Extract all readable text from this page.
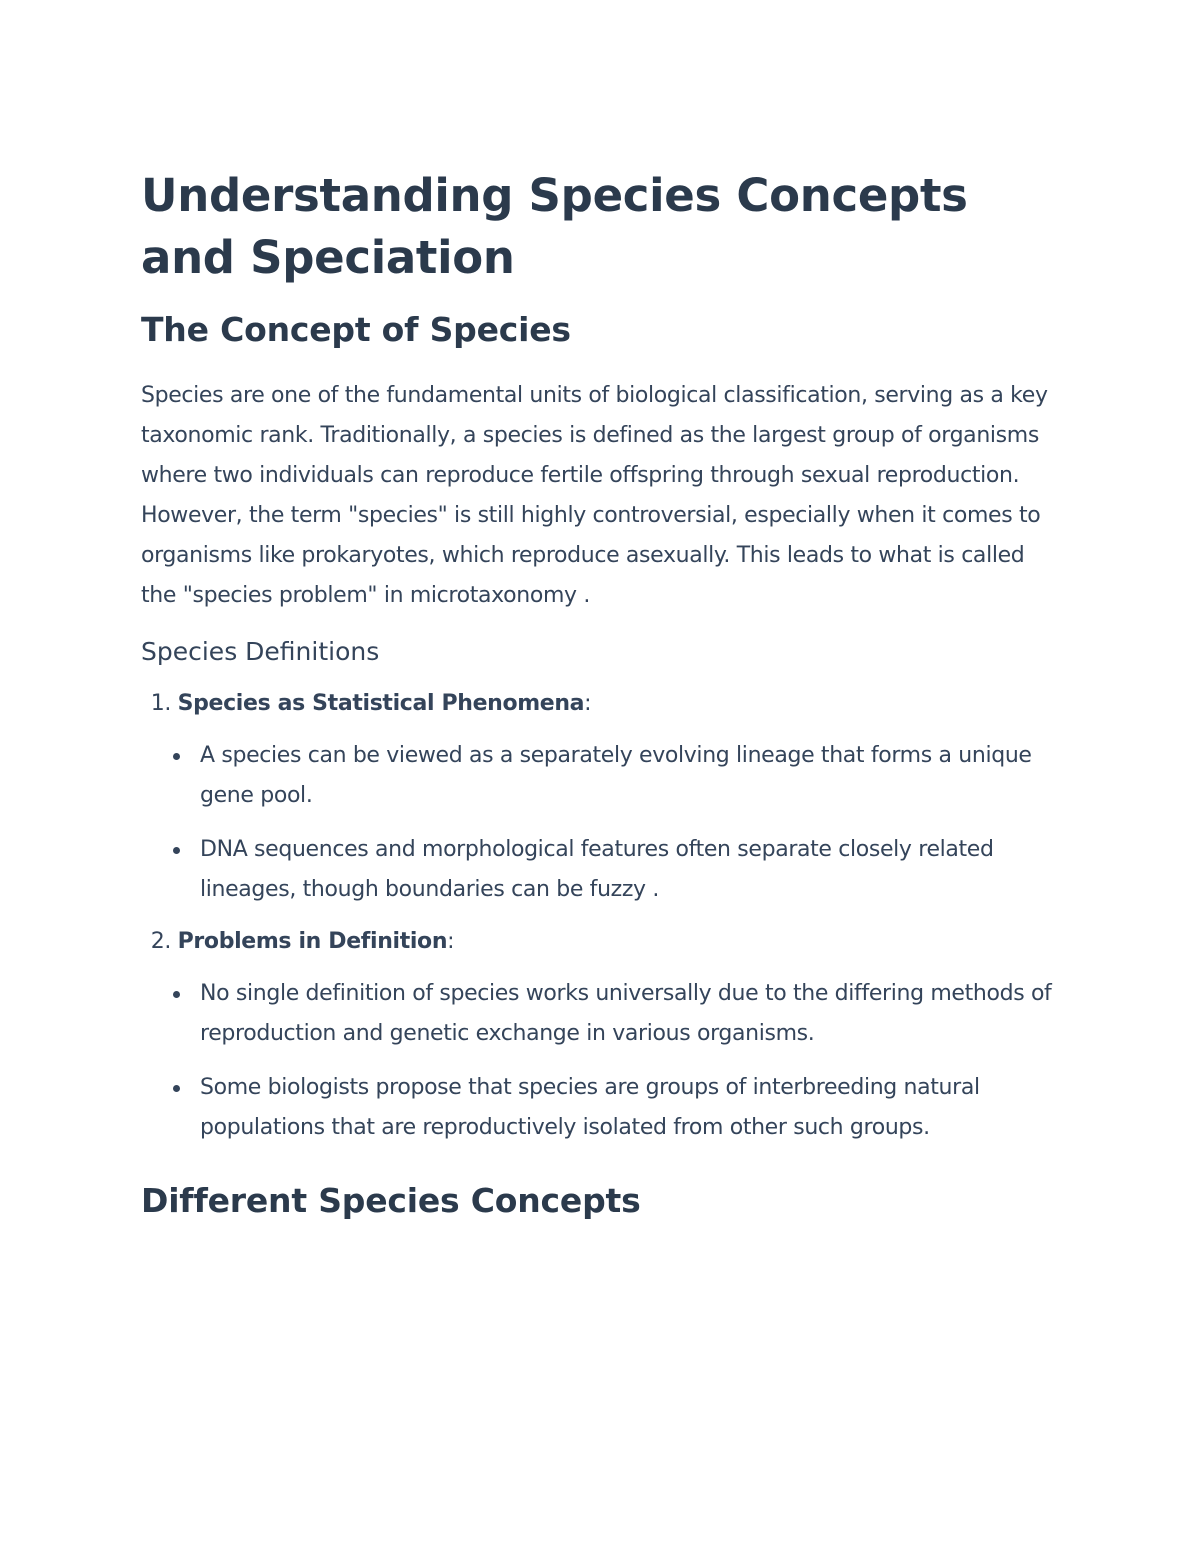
Understanding Species Concepts and Speciation
The Concept of Species

Species are one of the fundamental units of biological classification, serving as a key taxonomic rank. Traditionally, a species is defined as the largest group of organisms where two individuals can reproduce fertile offspring through sexual reproduction. However, the term "species" is still highly controversial, especially when it comes to organisms like prokaryotes, which reproduce asexually. This leads to what is called the "species problem" in microtaxonomy .

Species Definitions
1. Species as Statistical Phenomena:
A species can be viewed as a separately evolving lineage that forms a unique gene pool.
DNA sequences and morphological features often separate closely related lineages, though boundaries can be fuzzy .
2. Problems in Definition:
No single definition of species works universally due to the differing methods of reproduction and genetic exchange in various organisms.
Some biologists propose that species are groups of interbreeding natural populations that are reproductively isolated from other such groups.
Different Species Concepts
